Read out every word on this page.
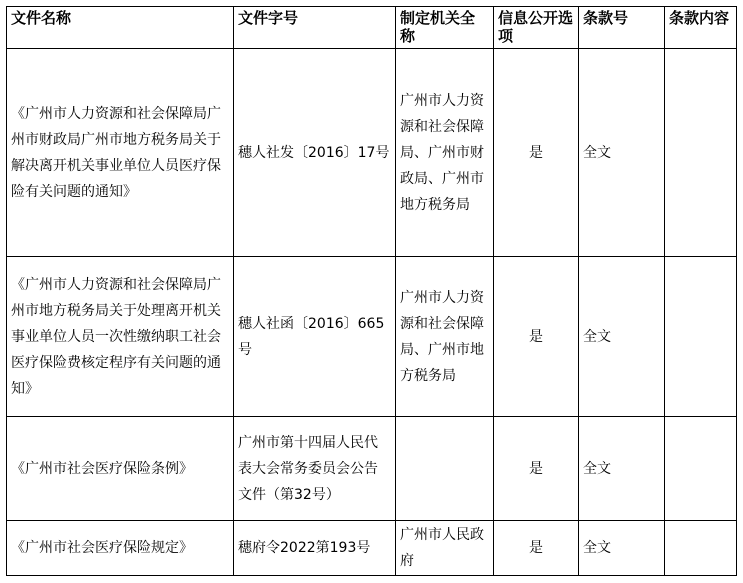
文件名称	文件字号	制定机关全称	信息公开选项	条款号	条款内容
《广州市人力资源和社会保障局广州市财政局广州市地方税务局关于解决离开机关事业单位人员医疗保险有关问题的通知》	穗人社发〔2016〕17号	广州市人力资源和社会保障局、广州市财政局、广州市地方税务局	是	全文	
《广州市人力资源和社会保障局广州市地方税务局关于处理离开机关事业单位人员一次性缴纳职工社会医疗保险费核定程序有关问题的通知》	穗人社函〔2016〕665号	广州市人力资源和社会保障局、广州市地方税务局	是	全文	
《广州市社会医疗保险条例》	广州市第十四届人民代表大会常务委员会公告文件（第32号）		是	全文	
《广州市社会医疗保险规定》	穗府令2022第193号	广州市人民政府	是	全文	
